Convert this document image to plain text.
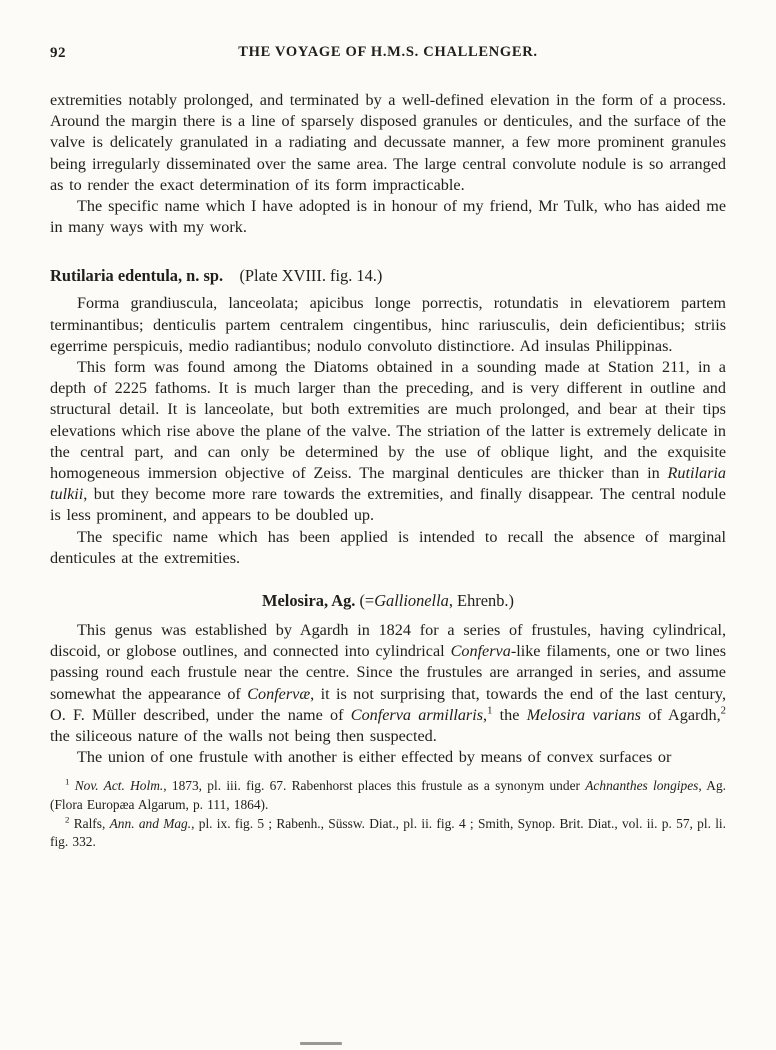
92	THE VOYAGE OF H.M.S. CHALLENGER.

extremities notably prolonged, and terminated by a well-defined elevation in the form of a process. Around the margin there is a line of sparsely disposed granules or denticules, and the surface of the valve is delicately granulated in a radiating and decussate manner, a few more prominent granules being irregularly disseminated over the same area. The large central convolute nodule is so arranged as to render the exact determination of its form impracticable.

The specific name which I have adopted is in honour of my friend, Mr Tulk, who has aided me in many ways with my work.

Rutilaria edentula, n. sp. (Plate XVIII. fig. 14.)

Forma grandiuscula, lanceolata; apicibus longe porrectis, rotundatis in elevatiorem partem terminantibus; denticulis partem centralem cingentibus, hinc rariusculis, dein deficientibus; striis egerrime perspicuis, medio radiantibus; nodulo convoluto distinctiore. Ad insulas Philippinas.

This form was found among the Diatoms obtained in a sounding made at Station 211, in a depth of 2225 fathoms. It is much larger than the preceding, and is very different in outline and structural detail. It is lanceolate, but both extremities are much prolonged, and bear at their tips elevations which rise above the plane of the valve. The striation of the latter is extremely delicate in the central part, and can only be determined by the use of oblique light, and the exquisite homogeneous immersion objective of Zeiss. The marginal denticules are thicker than in Rutilaria tulkii, but they become more rare towards the extremities, and finally disappear. The central nodule is less prominent, and appears to be doubled up.

The specific name which has been applied is intended to recall the absence of marginal denticules at the extremities.

Melosira, Ag. (=Gallionella, Ehrenb.)

This genus was established by Agardh in 1824 for a series of frustules, having cylindrical, discoid, or globose outlines, and connected into cylindrical Conferva-like filaments, one or two lines passing round each frustule near the centre. Since the frustules are arranged in series, and assume somewhat the appearance of Confervæ, it is not surprising that, towards the end of the last century, O. F. Müller described, under the name of Conferva armillaris,$^1$ the Melosira varians of Agardh,$^2$ the siliceous nature of the walls not being then suspected.

The union of one frustule with another is either effected by means of convex surfaces or

$^1$ Nov. Act. Holm., 1873, pl. iii. fig. 67. Rabenhorst places this frustule as a synonym under Achnanthes longipes, Ag. (Flora Europæa Algarum, p. 111, 1864).

$^2$ Ralfs, Ann. and Mag., pl. ix. fig. 5 ; Rabenh., Süssw. Diat., pl. ii. fig. 4 ; Smith, Synop. Brit. Diat., vol. ii. p. 57, pl. li. fig. 332.
